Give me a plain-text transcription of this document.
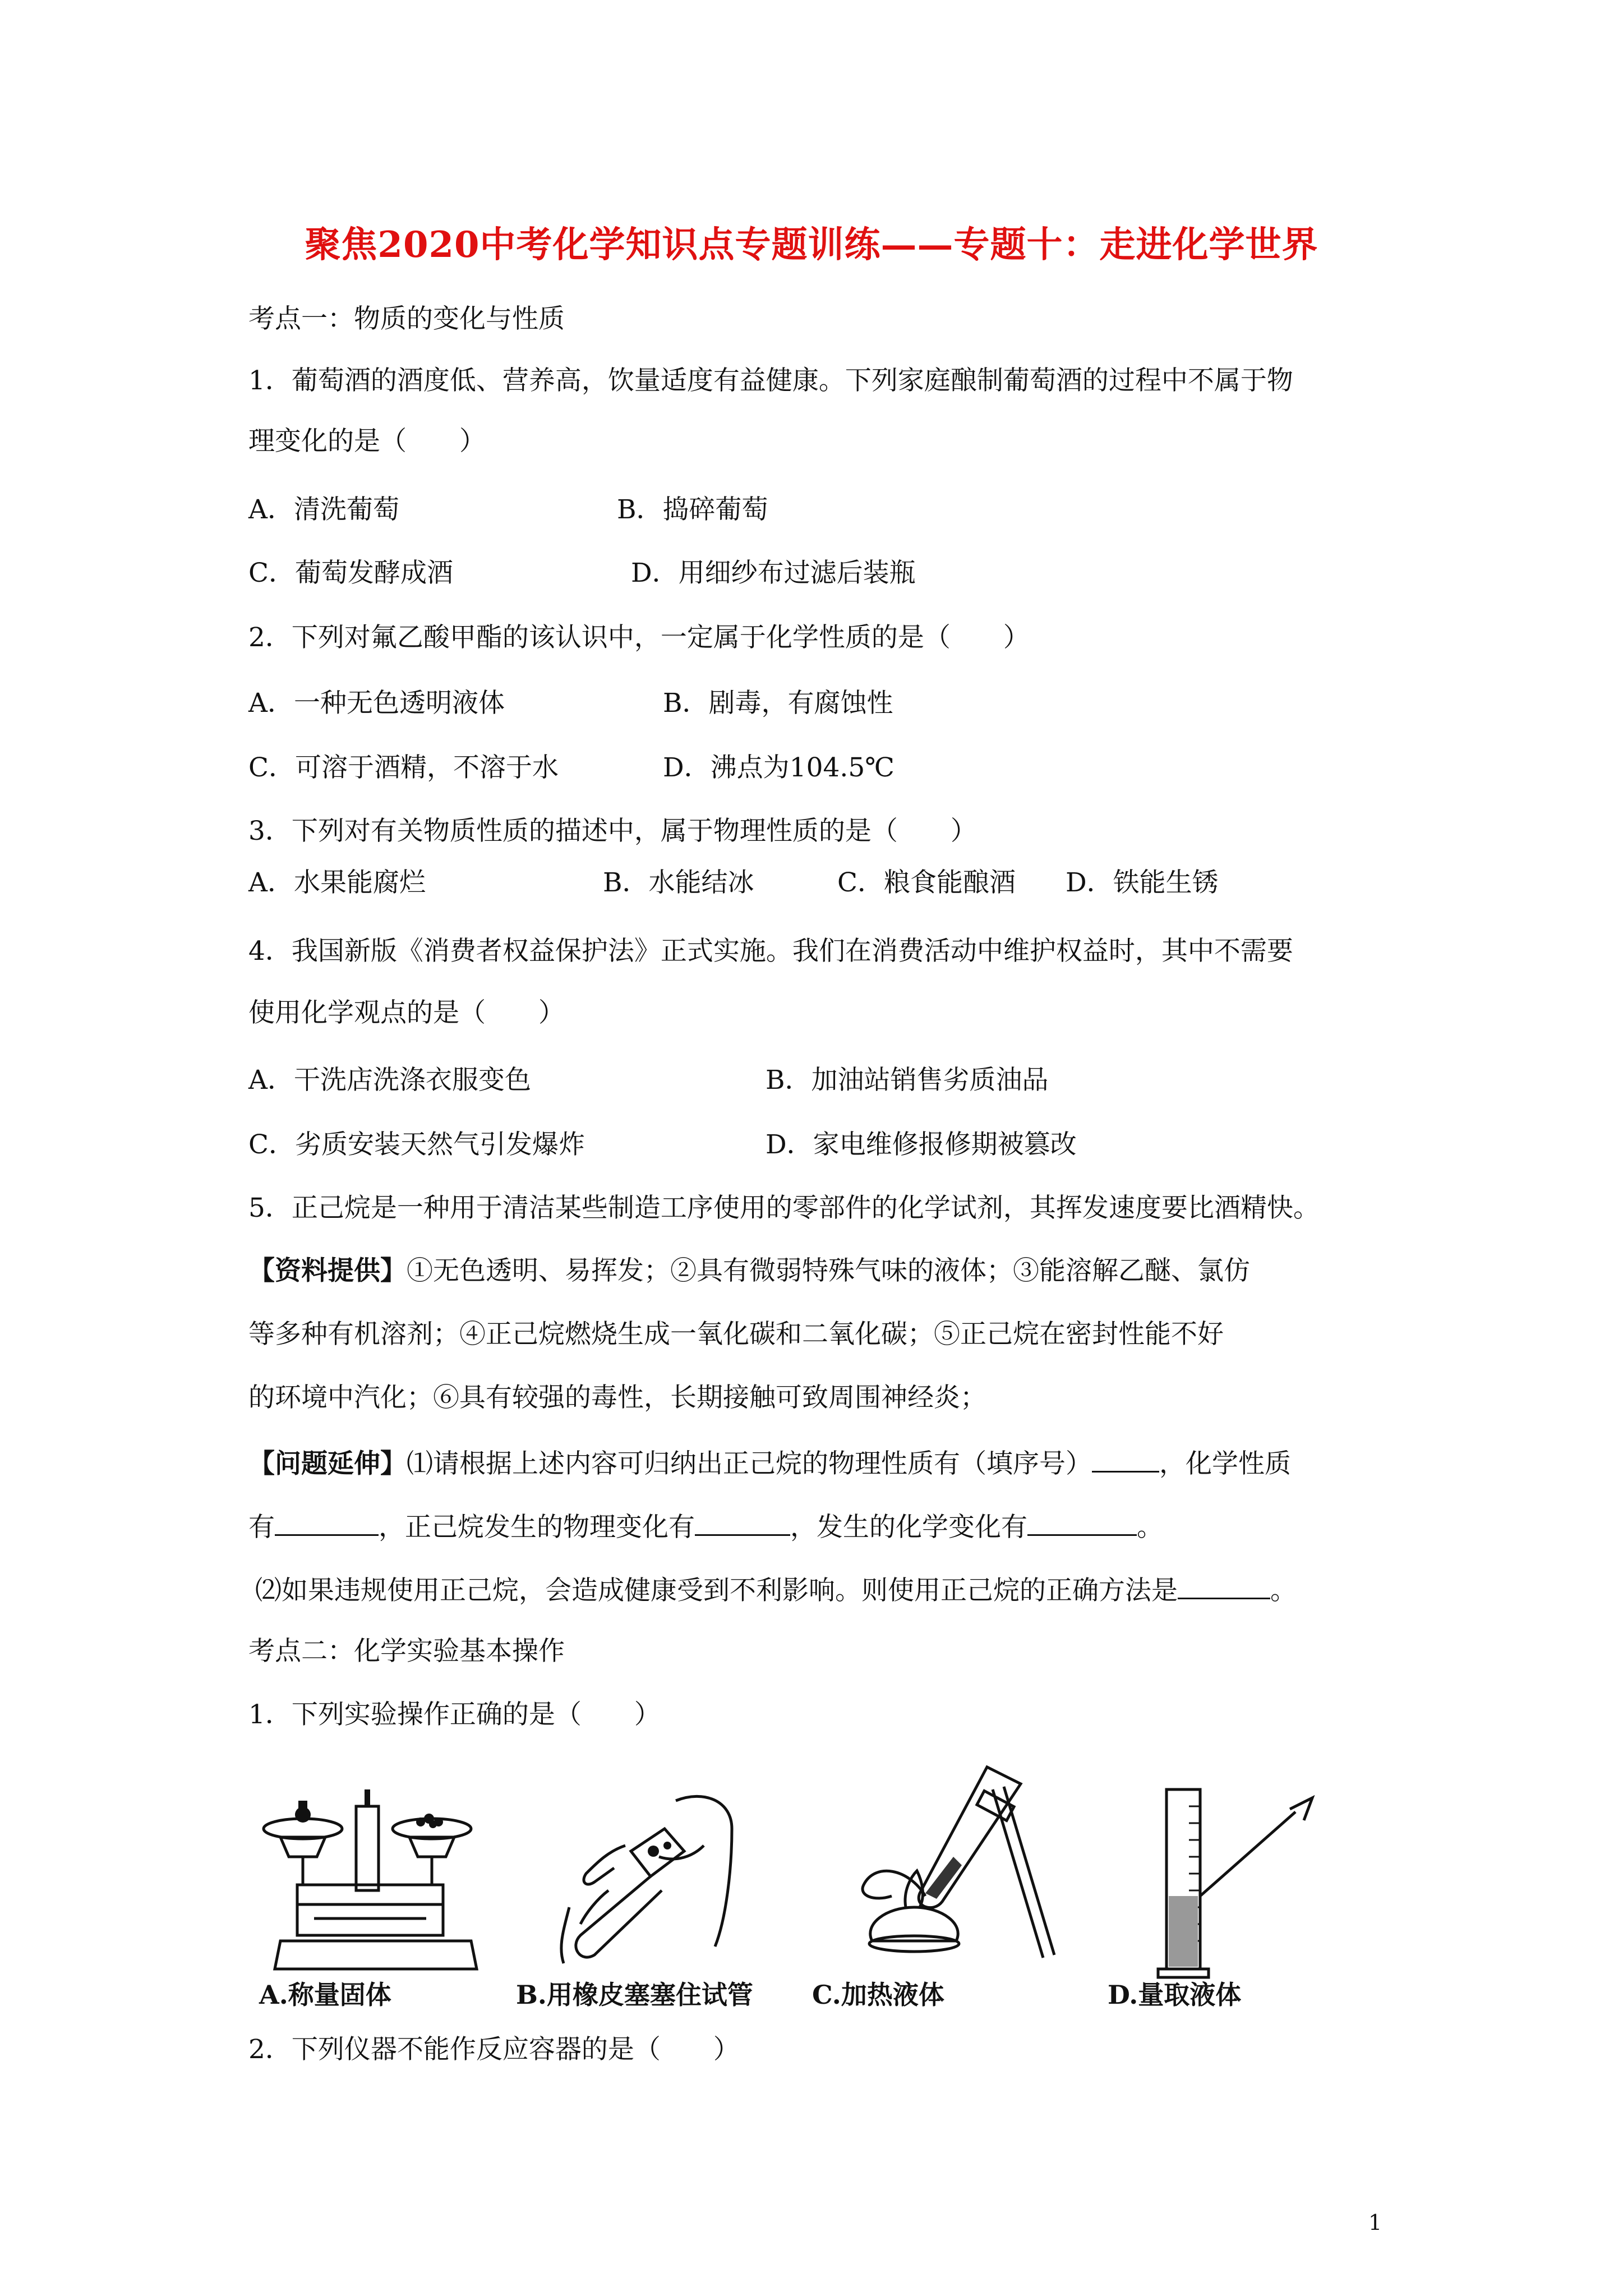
聚焦2020中考化学知识点专题训练——专题十：走进化学世界
考点一：物质的变化与性质
1．葡萄酒的酒度低、营养高，饮量适度有益健康。下列家庭酿制葡萄酒的过程中不属于物
理变化的是（　　）
A．清洗葡萄	B．捣碎葡萄
C．葡萄发酵成酒	D．用细纱布过滤后装瓶
2．下列对氟乙酸甲酯的该认识中，一定属于化学性质的是（　　）
A．一种无色透明液体	B．剧毒，有腐蚀性
C．可溶于酒精，不溶于水	D．沸点为104.5℃
3．下列对有关物质性质的描述中，属于物理性质的是（　　）
A．水果能腐烂	B．水能结冰	C．粮食能酿酒 D．铁能生锈
4．我国新版《消费者权益保护法》正式实施。我们在消费活动中维护权益时，其中不需要
使用化学观点的是（　　）
A．干洗店洗涤衣服变色	B．加油站销售劣质油品
C．劣质安装天然气引发爆炸	D．家电维修报修期被篡改
5．正己烷是一种用于清洁某些制造工序使用的零部件的化学试剂，其挥发速度要比酒精快。
【资料提供】①无色透明、易挥发；②具有微弱特殊气味的液体；③能溶解乙醚、氯仿
等多种有机溶剂；④正己烷燃烧生成一氧化碳和二氧化碳；⑤正己烷在密封性能不好
的环境中汽化；⑥具有较强的毒性，长期接触可致周围神经炎；
【问题延伸】⑴请根据上述内容可归纳出正己烷的物理性质有（填序号）	，化学性质
有	，正己烷发生的物理变化有	，发生的化学变化有	。
⑵如果违规使用正己烷，会造成健康受到不利影响。则使用正己烷的正确方法是	。
考点二：化学实验基本操作
1．下列实验操作正确的是（　　）
A.称量固体	B.用橡皮塞塞住试管 C.加热液体	D.量取液体
2．下列仪器不能作反应容器的是（　　）
1
